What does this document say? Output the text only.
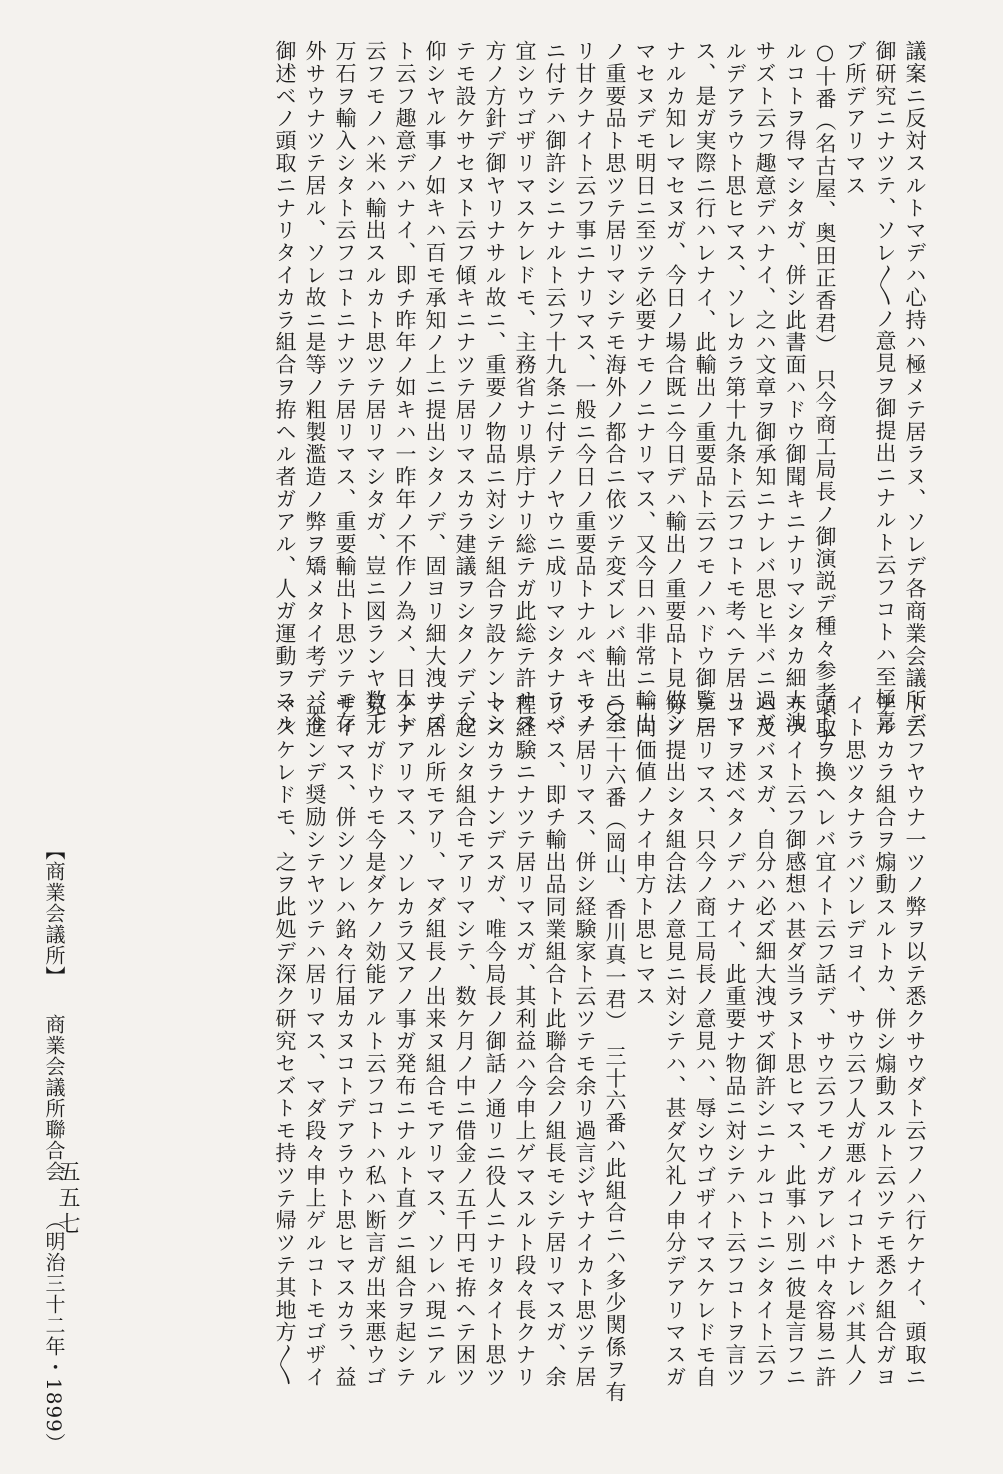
議案ニ反対スルトマデハ心持ハ極メテ居ラヌ、ソレデ各商業会議所デ

御研究ニナツテ、ソレ〳〵ノ意見ヲ御提出ニナルト云フコトハ至極喜

ブ所デアリマス

○十番（名古屋、奥田正香君）　只今商工局長ノ御演説デ種々参考トナ

ルコトヲ得マシタガ、併シ此書面ハドウ御聞キニナリマシタカ細大洩

サズト云フ趣意デハナイ、之ハ文章ヲ御承知ニナレバ思ヒ半バニ過ギ

ルデアラウト思ヒマス、ソレカラ第十九条ト云フコトモ考ヘテ居リマ

ス、是ガ実際ニ行ハレナイ、此輸出ノ重要品ト云フモノハドウ御覧ニ

ナルカ知レマセヌガ、今日ノ場合既ニ今日デハ輸出ノ重要品ト見做シ

マセヌデモ明日ニ至ツテ必要ナモノニナリマス、又今日ハ非常ニ輸出

ノ重要品ト思ツテ居リマシテモ海外ノ都合ニ依ツテ変ズレバ輸出ニ余

リ甘クナイト云フ事ニナリマス、一般ニ今日ノ重要品トナルベキモノ

ニ付テハ御許シニナルト云フ十九条ニ付テノヤウニ成リマシタナラバ

宜シウゴザリマスケレドモ、主務省ナリ県庁ナリ総テガ此総テ許サヌ

方ノ方針デ御ヤリナサル故ニ、重要ノ物品ニ対シテ組合ヲ設ケントシ

テモ設ケサセヌト云フ傾キニナツテ居リマスカラ建議ヲシタノデ、今

仰シヤル事ノ如キハ百モ承知ノ上ニ提出シタノデ、固ヨリ細大洩サズ

ト云フ趣意デハナイ、即チ昨年ノ如キハ一昨年ノ不作ノ為メ、日本ト

云フモノハ米ハ輸出スルカト思ツテ居リマシタガ、豈ニ図ランヤ数千

万石ヲ輸入シタト云フコトニナツテ居リマス、重要輸出ト思ツテモ存

外サウナツテ居ル、ソレ故ニ是等ノ粗製濫造ノ弊ヲ矯メタイ考デ、今

御述ベノ頭取ニナリタイカラ組合ヲ拵ヘル者ガアル、人ガ運動ヲスル

ト云フヤウナ一ツノ弊ヲ以テ悉クサウダト云フノハ行ケナイ、頭取ニ

ナルカラ組合ヲ煽動スルトカ、併シ煽動スルト云ツテモ悉ク組合ガヨ

イト思ツタナラバソレデヨイ、サウ云フ人ガ悪ルイコトナレバ其人ノ

頭取ヲ換ヘレバ宜イト云フ話デ、サウ云フモノガアレバ中々容易ニ許

サナイト云フ御感想ハ甚ダ当ラヌト思ヒマス、此事ハ別ニ彼是言フニ

ハ及バヌガ、自分ハ必ズ細大洩サズ御許シニナルコトニシタイト云フ

コトヲ述ベタノデハナイ、此重要ナ物品ニ対シテハト云フコトヲ言ツ

テ居リマス、只今ノ商工局長ノ意見ハ、辱シウゴザイマスケレドモ自

分ノ提出シタ組合法ノ意見ニ対シテハ、甚ダ欠礼ノ申分デアリマスガ

一向価値ノナイ申方ト思ヒマス

○三十六番（岡山、香川真一君）　三十六番ハ此組合ニハ多少関係ヲ有

ツテ居リマス、併シ経験家ト云ツテモ余リ過言ジヤナイカト思ツテ居

リマス、即チ輸出品同業組合ト此聯合会ノ組長モシテ居リマスガ、余

程経験ニナツテ居リマスガ、其利益ハ今申上ゲマスルト段々長クナリ

マスカラナンデスガ、唯今局長ノ御話ノ通リニ役人ニナリタイト思ツ

テ起シタ組合モアリマシテ、数ケ月ノ中ニ借金ノ五千円モ拵ヘテ困ツ

テ居ル所モアリ、マダ組長ノ出来ヌ組合モアリマス、ソレハ現ニアル

ノデアリマス、ソレカラ又アノ事ガ発布ニナルト直グニ組合ヲ起シテ

見ルガドウモ今是ダケノ効能アルト云フコトハ私ハ断言ガ出来悪ウゴ

ザイマス、併シソレハ銘々行届カヌコトデアラウト思ヒマスカラ、益

益進ンデ奨励シテヤツテハ居リマス、マダ段々申上ゲルコトモゴザイ

マスケレドモ、之ヲ此処デ深ク研究セズトモ持ツテ帰ツテ其地方〳〵

【商業会議所】 商業会議所聯合会 （明治三十二年・1899）
五五七
